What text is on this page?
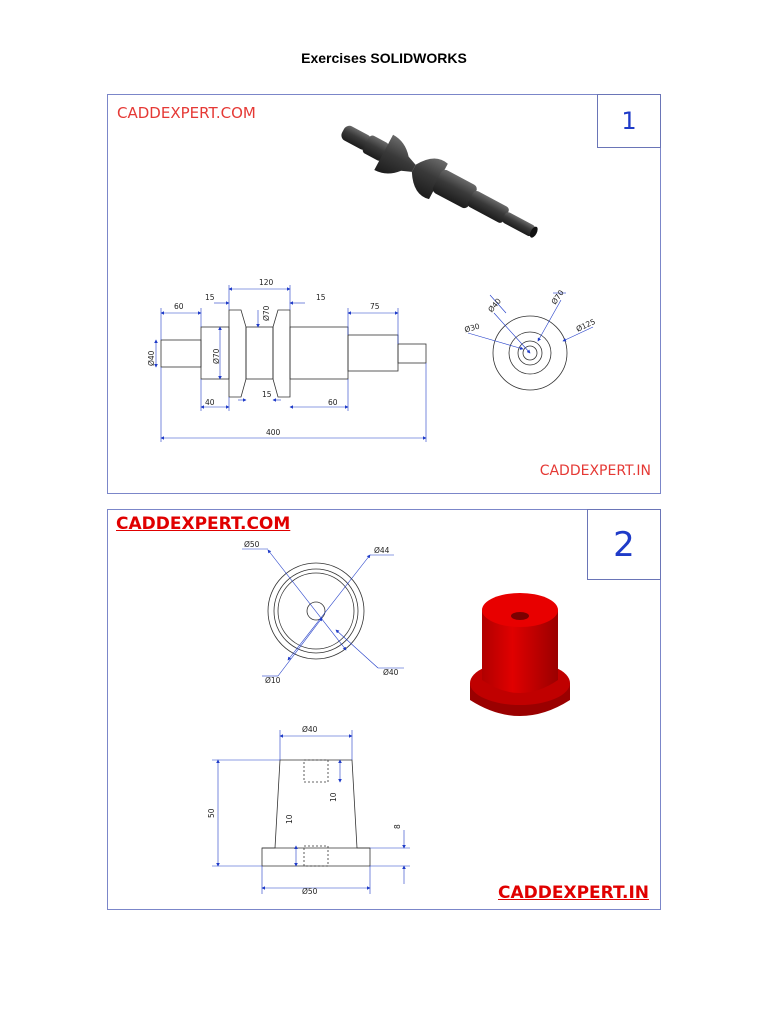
Exercises SOLIDWORKS
CADDEXPERT.COM	1
120
15	15
60	75
Ø70
Ø40	Ø70
40
15
60
400
Ø40	Ø70
Ø30	Ø125
CADDEXPERT.IN
CADDEXPERT.COM
2
Ø50
Ø44
Ø10
Ø40
Ø40
50
10
10
8
Ø50	CADDEXPERT.IN
